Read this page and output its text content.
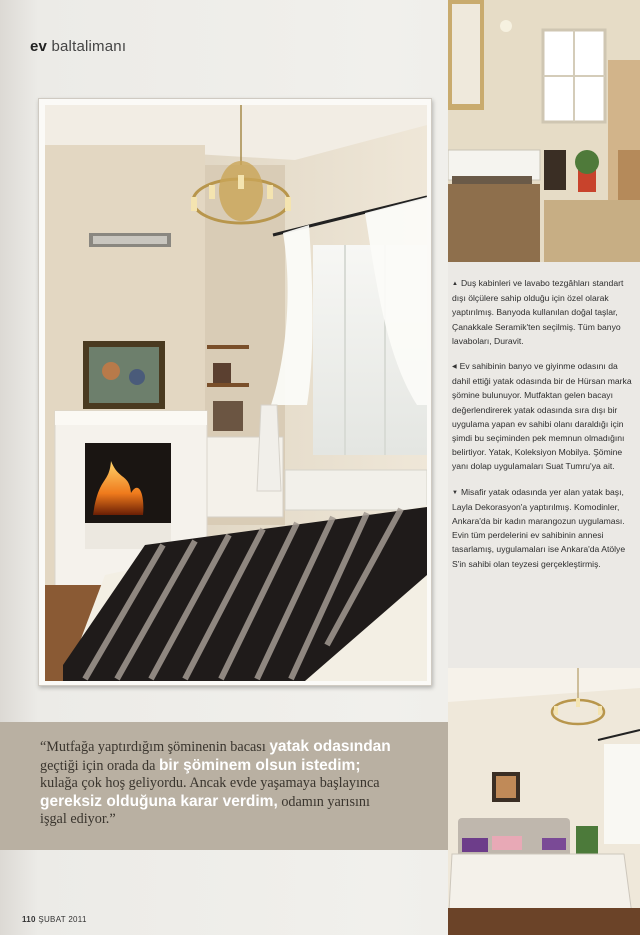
ev baltalimanı
“Mutfağa yaptırdığım şöminenin bacası yatak odasından geçtiği için orada da bir şöminem olsun istedim; kulağa çok hoş geliyordu. Ancak evde yaşamaya başlayınca gereksiz olduğuna karar verdim, odamın yarısını işgal ediyor.”

▲ Duş kabinleri ve lavabo tezgâhları standart dışı ölçülere sahip olduğu için özel olarak yaptırılmış. Banyoda kullanılan doğal taşlar, Çanakkale Seramik'ten seçilmiş. Tüm banyo lavaboları, Duravit.

◀ Ev sahibinin banyo ve giyinme odasını da dahil ettiği yatak odasında bir de Hürsan marka şömine bulunuyor. Mutfaktan gelen bacayı değerlendirerek yatak odasında sıra dışı bir uygulama yapan ev sahibi olanı daraldığı için şimdi bu seçiminden pek memnun olmadığını belirtiyor. Yatak, Koleksiyon Mobilya. Şömine yanı dolap uygulamaları Suat Tumru'ya ait.

▼ Misafir yatak odasında yer alan yatak başı, Layla Dekorasyon'a yaptırılmış. Komodinler, Ankara'da bir kadın marangozun uygulaması. Evin tüm perdelerini ev sahibinin annesi tasarlamış, uygulamaları ise Ankara'da Atölye S'in sahibi olan teyzesi gerçekleştirmiş.

110 ŞUBAT 2011
